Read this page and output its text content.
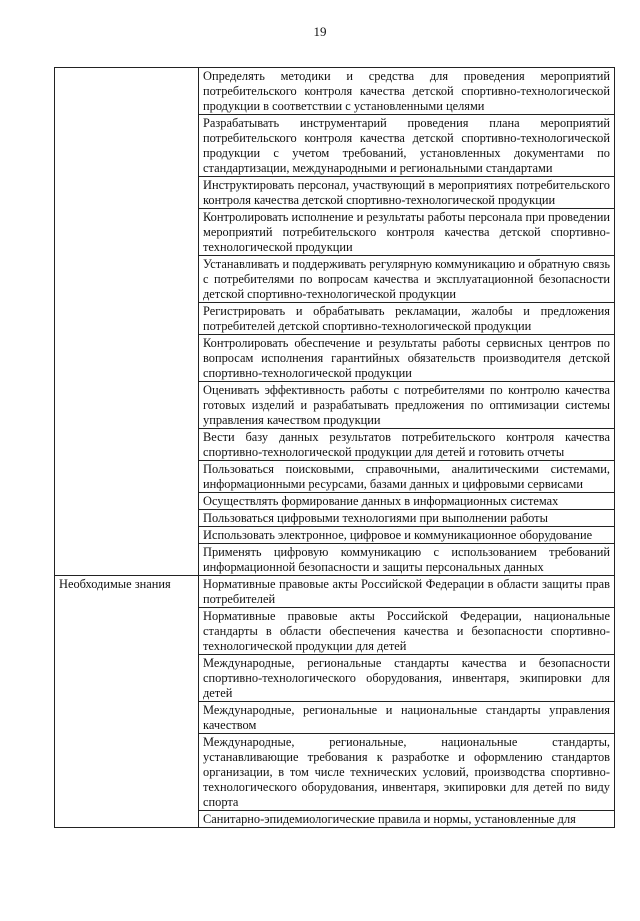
19
	Определять методики и средства для проведения мероприятий потребительского контроля качества детской спортивно-технологической продукции в соответствии с установленными целями
	Разрабатывать инструментарий проведения плана мероприятий потребительского контроля качества детской спортивно-технологической продукции с учетом требований, установленных документами по стандартизации, международными и региональными стандартами
	Инструктировать персонал, участвующий в мероприятиях потребительского контроля качества детской спортивно-технологической продукции
	Контролировать исполнение и результаты работы персонала при проведении мероприятий потребительского контроля качества детской спортивно-технологической продукции
	Устанавливать и поддерживать регулярную коммуникацию и обратную связь с потребителями по вопросам качества и эксплуатационной безопасности детской спортивно-технологической продукции
	Регистрировать и обрабатывать рекламации, жалобы и предложения потребителей детской спортивно-технологической продукции
	Контролировать обеспечение и результаты работы сервисных центров по вопросам исполнения гарантийных обязательств производителя детской спортивно-технологической продукции
	Оценивать эффективность работы с потребителями по контролю качества готовых изделий и разрабатывать предложения по оптимизации системы управления качеством продукции
	Вести базу данных результатов потребительского контроля качества спортивно-технологической продукции для детей и готовить отчеты
	Пользоваться поисковыми, справочными, аналитическими системами, информационными ресурсами, базами данных и цифровыми сервисами
	Осуществлять формирование данных в информационных системах
	Пользоваться цифровыми технологиями при выполнении работы
	Использовать электронное, цифровое и коммуникационное оборудование
	Применять цифровую коммуникацию с использованием требований информационной безопасности и защиты персональных данных
Необходимые знания	Нормативные правовые акты Российской Федерации в области защиты прав потребителей
	Нормативные правовые акты Российской Федерации, национальные стандарты в области обеспечения качества и безопасности спортивно-технологической продукции для детей
	Международные, региональные стандарты качества и безопасности спортивно-технологического оборудования, инвентаря, экипировки для детей
	Международные, региональные и национальные стандарты управления качеством
	Международные, региональные, национальные стандарты, устанавливающие требования к разработке и оформлению стандартов организации, в том числе технических условий, производства спортивно-технологического оборудования, инвентаря, экипировки для детей по виду спорта
	Санитарно-эпидемиологические правила и нормы, установленные для
